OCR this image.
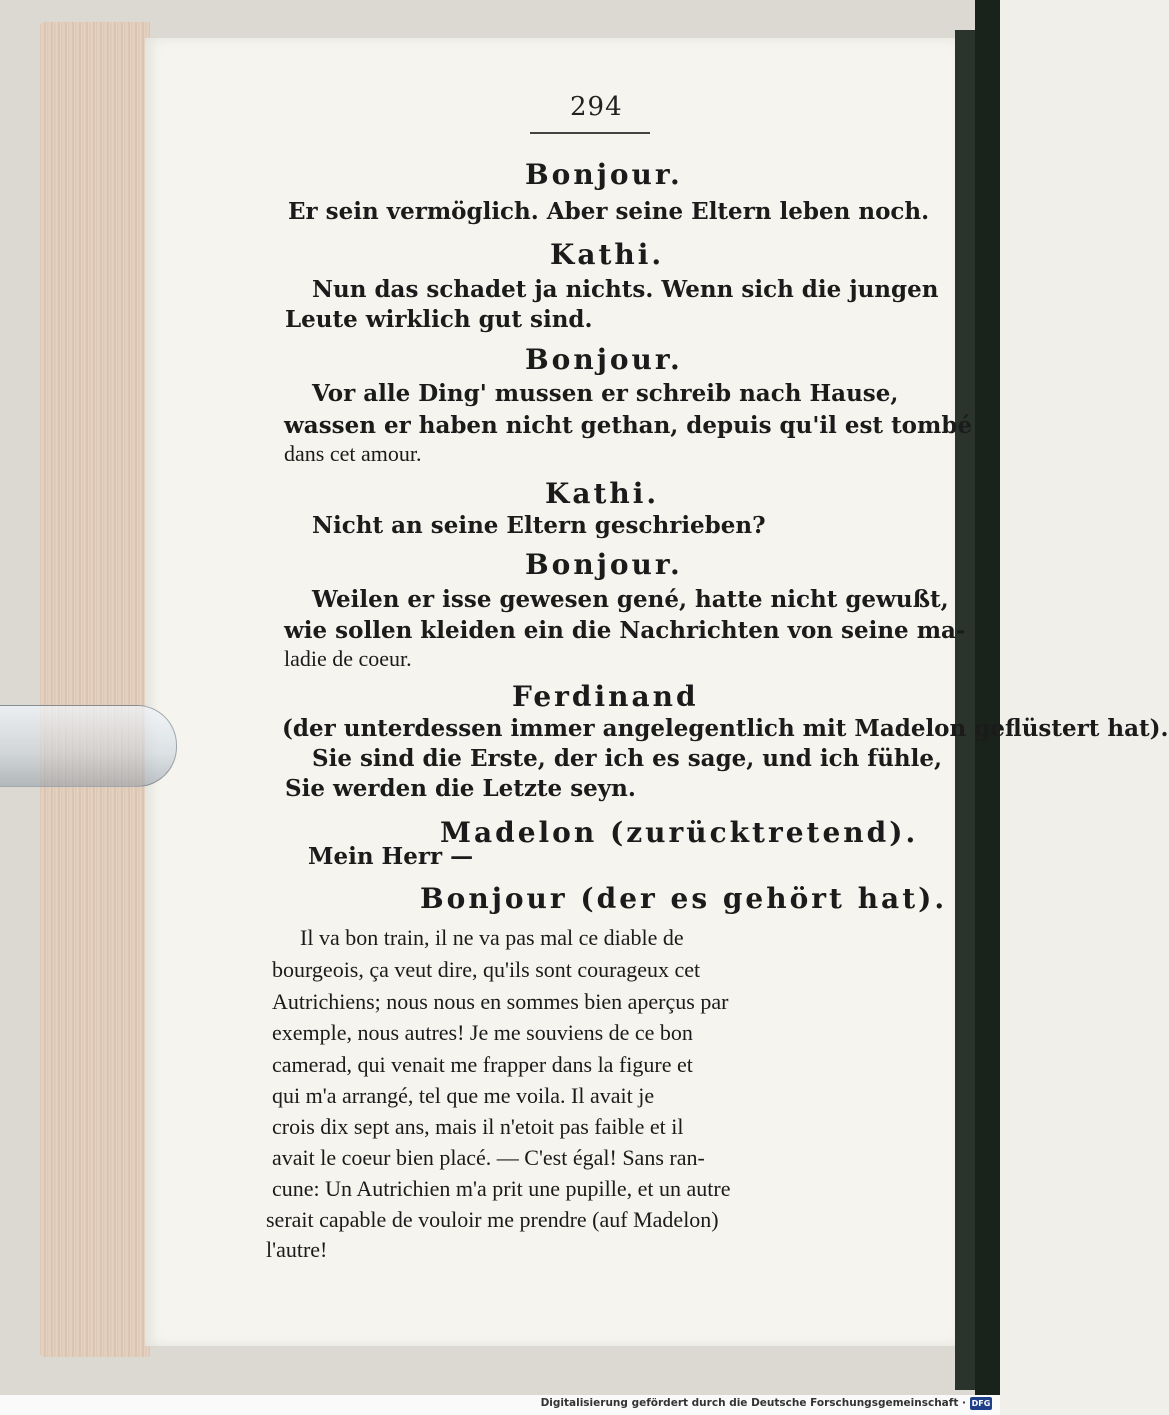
294
Bonjour.
Er sein vermöglich. Aber seine Eltern leben noch.
Kathi.
Nun das schadet ja nichts. Wenn sich die jungen
Leute wirklich gut sind.
Bonjour.
Vor alle Ding' mussen er schreib nach Hause,
wassen er haben nicht gethan, depuis qu'il est tombé
dans cet amour.
Kathi.
Nicht an seine Eltern geschrieben?
Bonjour.
Weilen er isse gewesen gené, hatte nicht gewußt,
wie sollen kleiden ein die Nachrichten von seine ma-
ladie de coeur.
Ferdinand
(der unterdessen immer angelegentlich mit Madelon geflüstert hat).
Sie sind die Erste, der ich es sage, und ich fühle,
Sie werden die Letzte seyn.
Madelon (zurücktretend).
Mein Herr —
Bonjour (der es gehört hat).
Il va bon train, il ne va pas mal ce diable de
bourgeois, ça veut dire, qu'ils sont courageux cet
Autrichiens; nous nous en sommes bien aperçus par
exemple, nous autres! Je me souviens de ce bon
camerad, qui venait me frapper dans la figure et
qui m'a arrangé, tel que me voila. Il avait je
crois dix sept ans, mais il n'etoit pas faible et il
avait le coeur bien placé. — C'est égal! Sans ran-
cune: Un Autrichien m'a prit une pupille, et un autre
serait capable de vouloir me prendre (auf Madelon)
l'autre!
Digitalisierung gefördert durch die Deutsche Forschungsgemeinschaft · DFG
